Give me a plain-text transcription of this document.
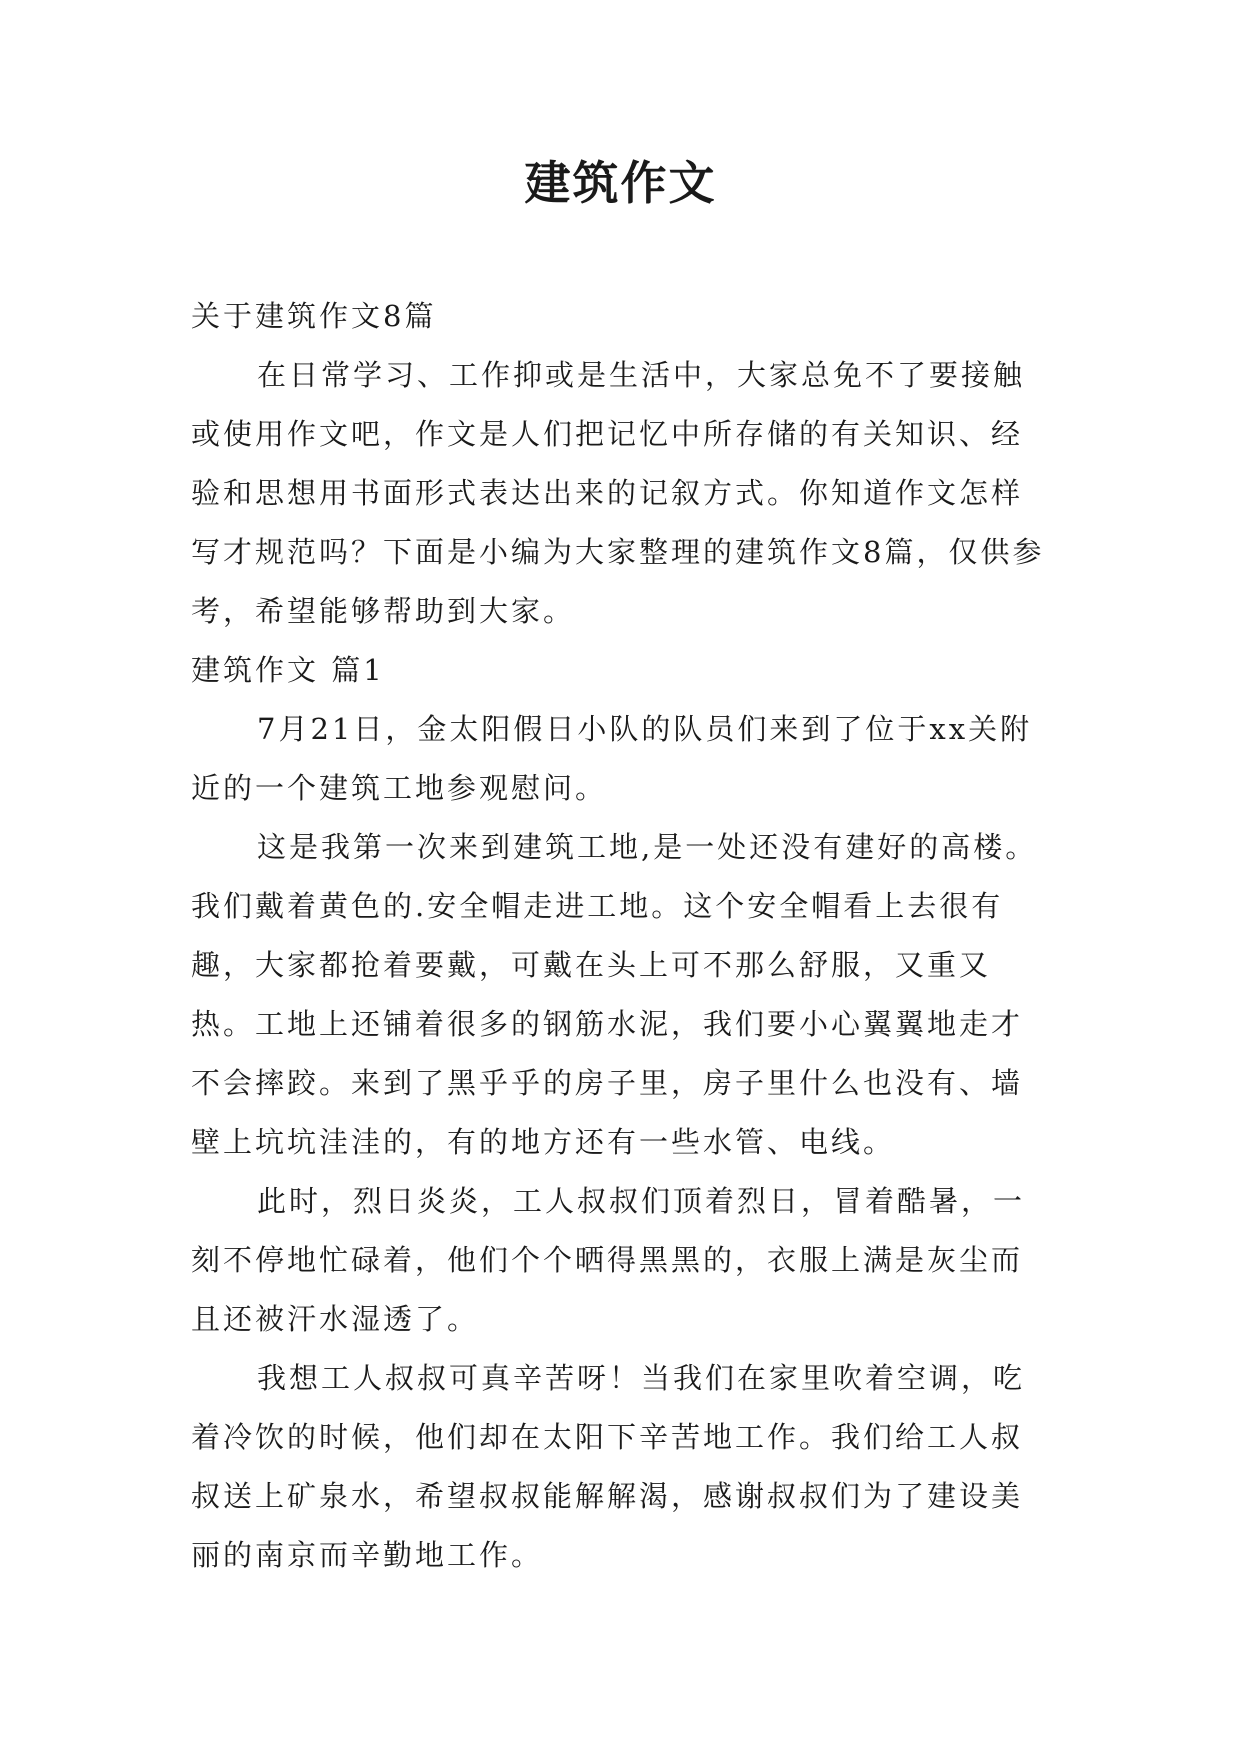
建筑作文

关于建筑作文8篇

在日常学习、工作抑或是生活中，大家总免不了要接触或使用作文吧，作文是人们把记忆中所存储的有关知识、经验和思想用书面形式表达出来的记叙方式。你知道作文怎样写才规范吗？下面是小编为大家整理的建筑作文8篇，仅供参考，希望能够帮助到大家。

建筑作文 篇1

7月21日，金太阳假日小队的队员们来到了位于xx关附近的一个建筑工地参观慰问。

这是我第一次来到建筑工地,是一处还没有建好的高楼。我们戴着黄色的.安全帽走进工地。这个安全帽看上去很有趣，大家都抢着要戴，可戴在头上可不那么舒服，又重又热。工地上还铺着很多的钢筋水泥，我们要小心翼翼地走才不会摔跤。来到了黑乎乎的房子里，房子里什么也没有、墙壁上坑坑洼洼的，有的地方还有一些水管、电线。

此时，烈日炎炎，工人叔叔们顶着烈日，冒着酷暑，一刻不停地忙碌着，他们个个晒得黑黑的，衣服上满是灰尘而且还被汗水湿透了。

我想工人叔叔可真辛苦呀！当我们在家里吹着空调，吃着冷饮的时候，他们却在太阳下辛苦地工作。我们给工人叔叔送上矿泉水，希望叔叔能解解渴，感谢叔叔们为了建设美丽的南京而辛勤地工作。
